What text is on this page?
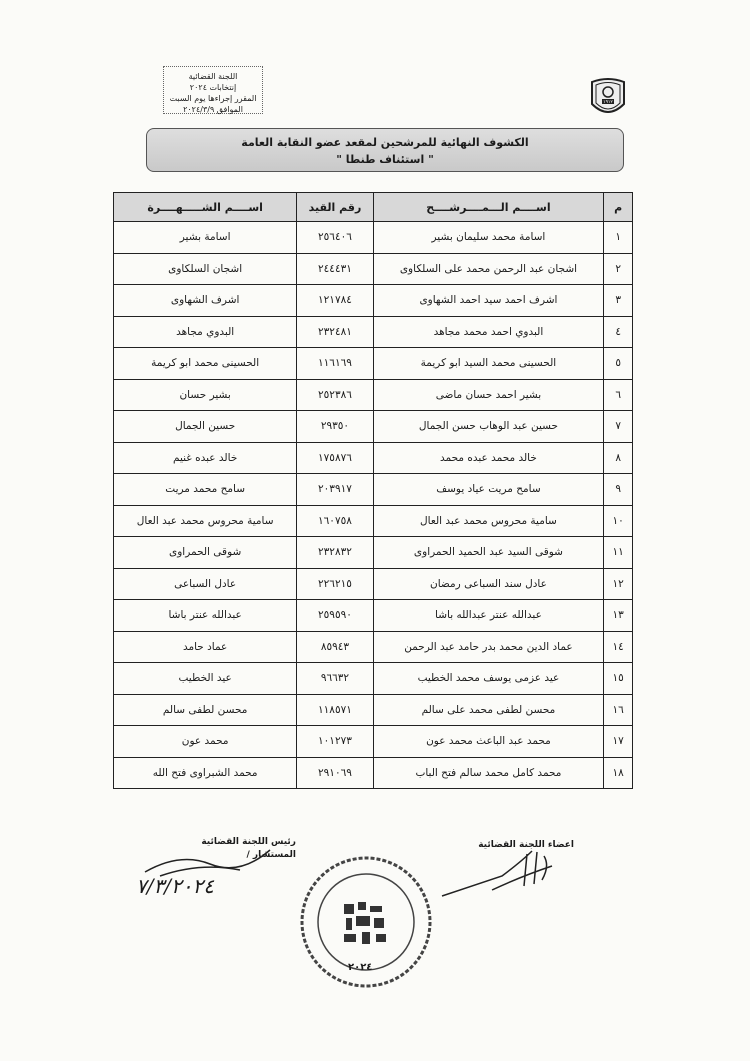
اللجنة القضائية
إنتخابات ٢٠٢٤
المقرر إجراءها يوم السبت
الموافق ٢٠٢٤/٣/٩
١٩١٢
الكشوف النهائية للمرشحين لمقعد عضو النقابة العامة
" استئناف طنطا "
م	اســــم الـــمــــرشــــح	رقم القيد	اســــم الشـــــهــــرة
١	اسامة محمد سليمان بشير	٢٥٦٤٠٦	اسامة بشير
٢	اشجان عبد الرحمن محمد على السلكاوى	٢٤٤٤٣١	اشجان السلكاوى
٣	اشرف احمد سيد احمد الشهاوى	١٢١٧٨٤	اشرف الشهاوى
٤	البدوي احمد محمد مجاهد	٢٣٢٤٨١	البدوي مجاهد
٥	الحسينى محمد السيد ابو كريمة	١١٦١٦٩	الحسينى محمد ابو كريمة
٦	بشير احمد حسان ماضى	٢٥٢٣٨٦	بشير حسان
٧	حسين عبد الوهاب حسن الجمال	٢٩٣٥٠	حسين الجمال
٨	خالد محمد عبده محمد	١٧٥٨٧٦	خالد عبده غنيم
٩	سامح مريت عياد يوسف	٢٠٣٩١٧	سامح محمد مريت
١٠	سامية محروس محمد عبد العال	١٦٠٧٥٨	سامية محروس محمد عبد العال
١١	شوقى السيد عبد الحميد الحمراوى	٢٣٢٨٣٢	شوقى الحمراوى
١٢	عادل سند السباعى رمضان	٢٢٦٢١٥	عادل السباعى
١٣	عبدالله عنتر عبدالله باشا	٢٥٩٥٩٠	عبدالله عنتر باشا
١٤	عماد الدين محمد بدر حامد عبد الرحمن	٨٥٩٤٣	عماد حامد
١٥	عيد عزمى يوسف محمد الخطيب	٩٦٦٣٢	عيد الخطيب
١٦	محسن لطفى محمد على سالم	١١٨٥٧١	محسن لطفى سالم
١٧	محمد عبد الباعث محمد عون	١٠١٢٧٣	محمد عون
١٨	محمد كامل محمد سالم فتح الباب	٢٩١٠٦٩	محمد الشبراوى فتح الله
رئيس اللجنة القضائية
المستشار /
اعضاء اللجنة القضائية
٧/٣/٢٠٢٤
٢٠٢٤
